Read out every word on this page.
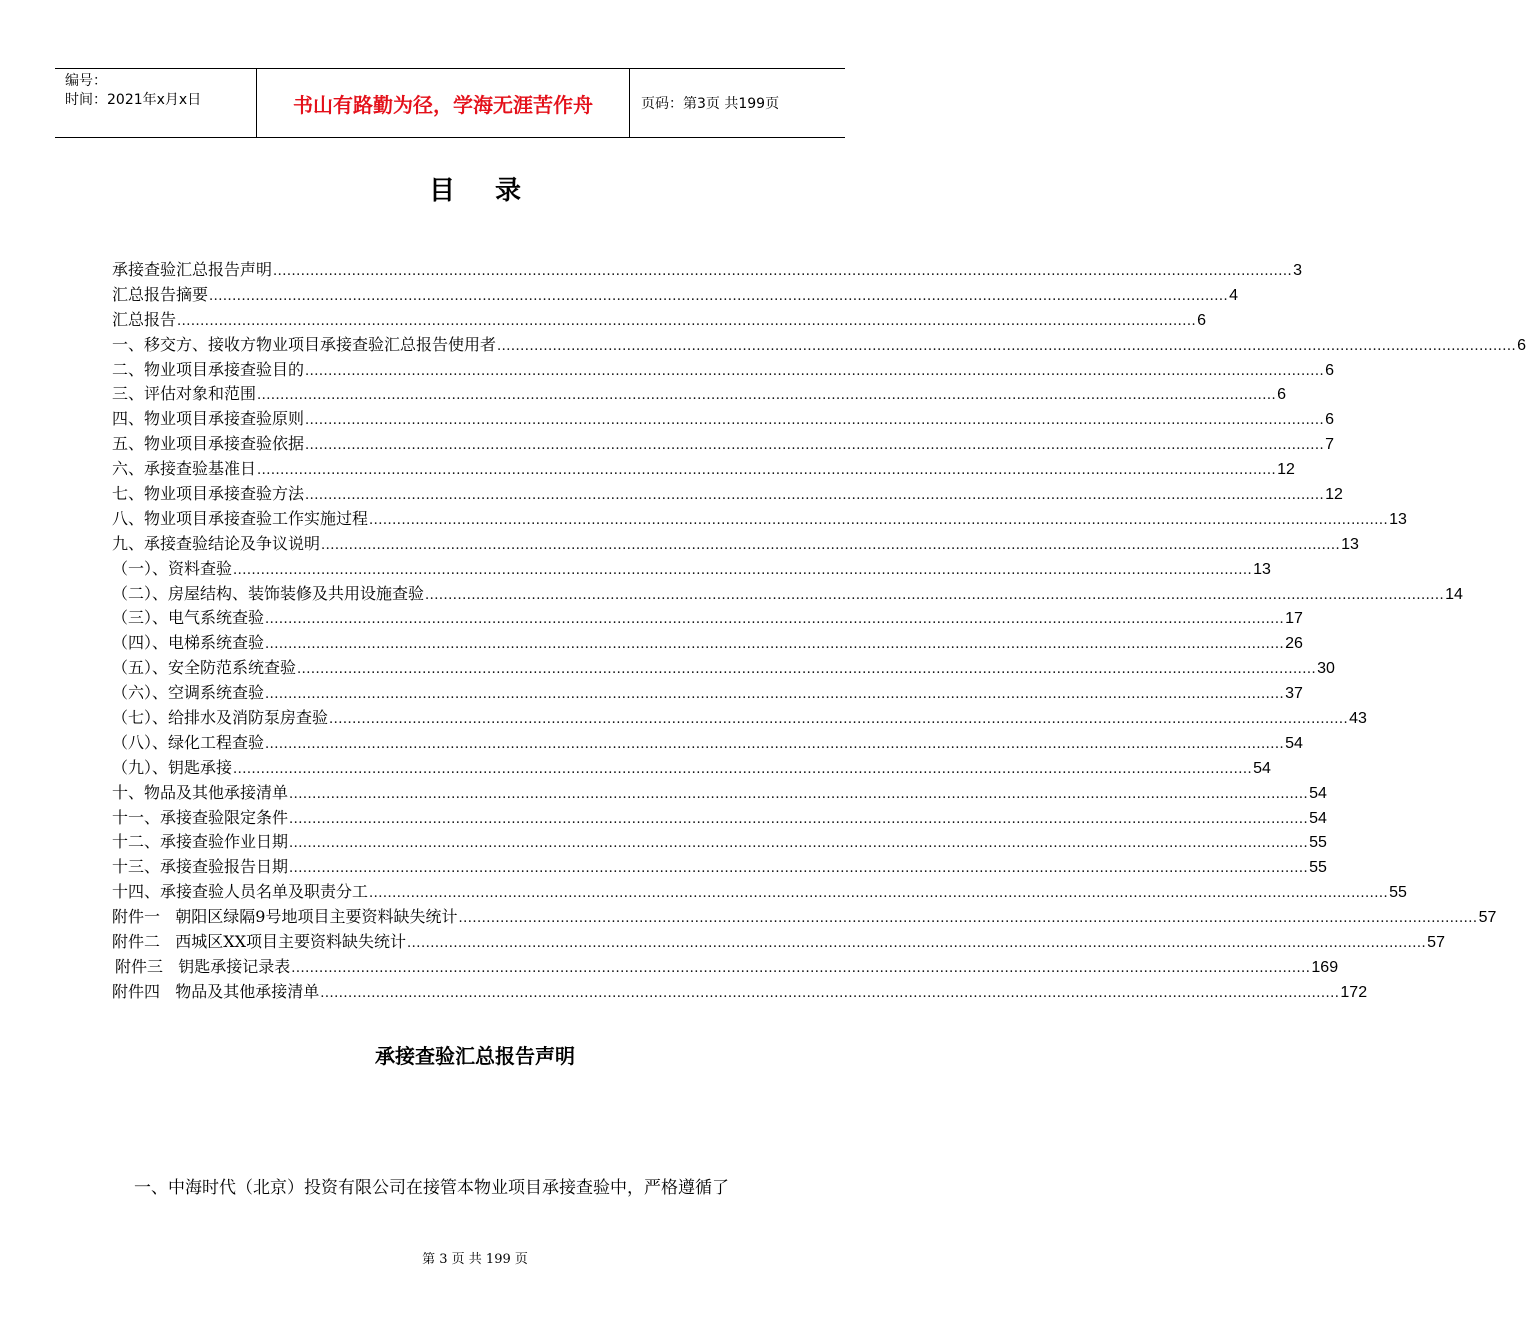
编号：
时间：2021年x月x日	书山有路勤为径，学海无涯苦作舟	页码：第3页 共199页
目录
承接查验汇总报告声明 ............................................................................................................................................................................................................................ 3
汇总报告摘要 ............................................................................................................................................................................................................................ 4
汇总报告 ............................................................................................................................................................................................................................ 6
一、移交方、接收方物业项目承接查验汇总报告使用者 ............................................................................................................................................................................................................................ 6
二、物业项目承接查验目的 ............................................................................................................................................................................................................................ 6
三、评估对象和范围 ............................................................................................................................................................................................................................ 6
四、物业项目承接查验原则 ............................................................................................................................................................................................................................ 6
五、物业项目承接查验依据 ............................................................................................................................................................................................................................ 7
六、承接查验基准日 ............................................................................................................................................................................................................................ 12
七、物业项目承接查验方法 ............................................................................................................................................................................................................................ 12
八、物业项目承接查验工作实施过程 ............................................................................................................................................................................................................................ 13
九、承接查验结论及争议说明 ............................................................................................................................................................................................................................ 13
（一）、资料查验 ............................................................................................................................................................................................................................ 13
（二）、房屋结构、装饰装修及共用设施查验 ............................................................................................................................................................................................................................ 14
（三）、电气系统查验 ............................................................................................................................................................................................................................ 17
（四）、电梯系统查验 ............................................................................................................................................................................................................................ 26
（五）、安全防范系统查验 ............................................................................................................................................................................................................................ 30
（六）、空调系统查验 ............................................................................................................................................................................................................................ 37
（七）、给排水及消防泵房查验 ............................................................................................................................................................................................................................ 43
（八）、绿化工程查验 ............................................................................................................................................................................................................................ 54
（九）、钥匙承接 ............................................................................................................................................................................................................................ 54
十、物品及其他承接清单 ............................................................................................................................................................................................................................ 54
十一、承接查验限定条件 ............................................................................................................................................................................................................................ 54
十二、承接查验作业日期 ............................................................................................................................................................................................................................ 55
十三、承接查验报告日期 ............................................................................................................................................................................................................................ 55
十四、承接查验人员名单及职责分工 ............................................................................................................................................................................................................................ 55
附件一   朝阳区绿隔9号地项目主要资料缺失统计 ............................................................................................................................................................................................................................ 57
附件二   西城区XX项目主要资料缺失统计 ............................................................................................................................................................................................................................ 57
附件三   钥匙承接记录表 ............................................................................................................................................................................................................................ 169
附件四   物品及其他承接清单 ............................................................................................................................................................................................................................ 172
承接查验汇总报告声明
一、中海时代（北京）投资有限公司在接管本物业项目承接查验中，严格遵循了
第 3 页 共 199 页
